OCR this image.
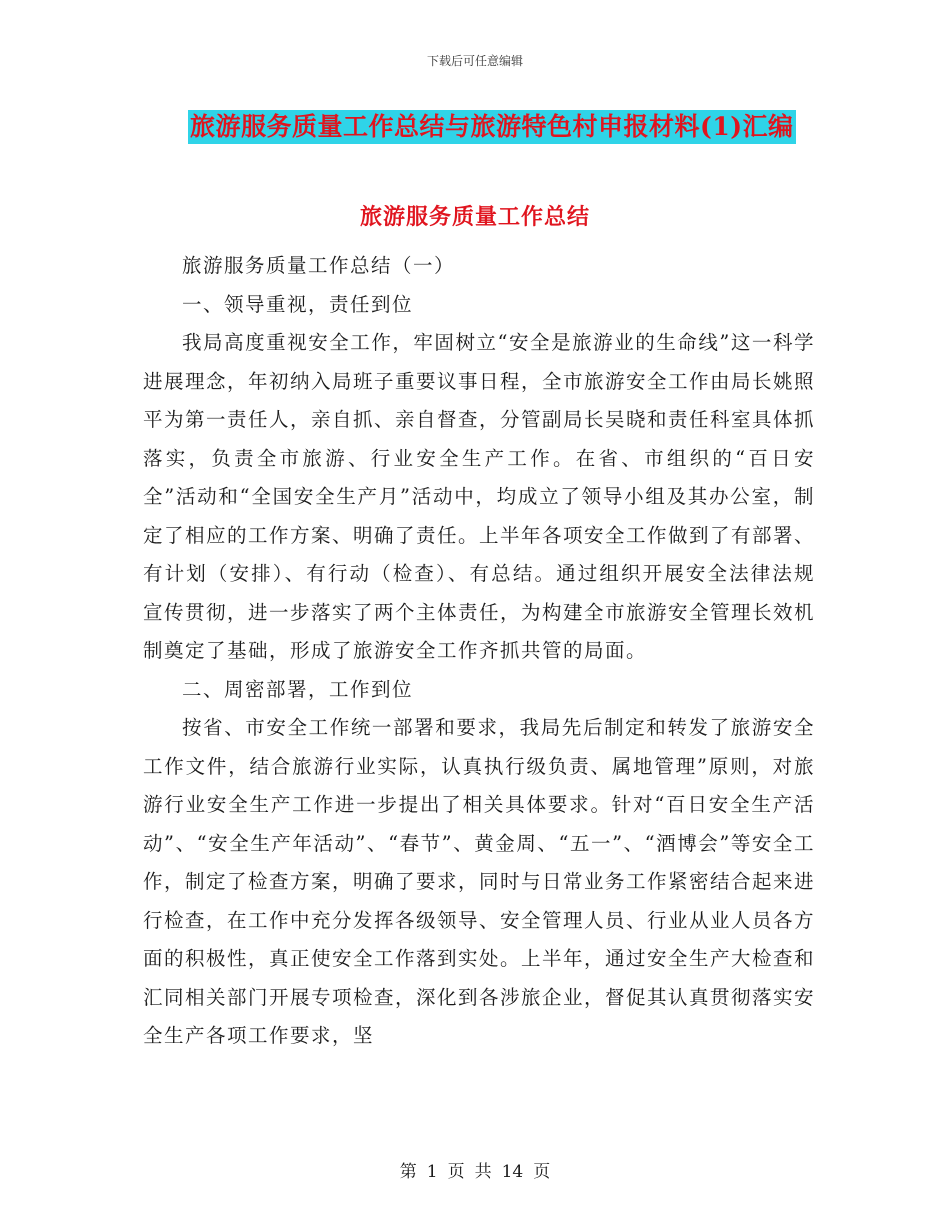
下载后可任意编辑
旅游服务质量工作总结与旅游特色村申报材料(1)汇编
旅游服务质量工作总结

旅游服务质量工作总结（一）

一、领导重视，责任到位

我局高度重视安全工作，牢固树立“安全是旅游业的生命线”这一科学进展理念，年初纳入局班子重要议事日程，全市旅游安全工作由局长姚照平为第一责任人，亲自抓、亲自督查，分管副局长吴晓和责任科室具体抓落实，负责全市旅游、行业安全生产工作。在省、市组织的“百日安全”活动和“全国安全生产月”活动中，均成立了领导小组及其办公室，制定了相应的工作方案、明确了责任。上半年各项安全工作做到了有部署、有计划（安排）、有行动（检查）、有总结。通过组织开展安全法律法规宣传贯彻，进一步落实了两个主体责任，为构建全市旅游安全管理长效机制奠定了基础，形成了旅游安全工作齐抓共管的局面。

二、周密部署，工作到位

按省、市安全工作统一部署和要求，我局先后制定和转发了旅游安全工作文件，结合旅游行业实际，认真执行级负责、属地管理”原则，对旅游行业安全生产工作进一步提出了相关具体要求。针对“百日安全生产活动”、“安全生产年活动”、“春节”、黄金周、“五一”、“酒博会”等安全工作，制定了检查方案，明确了要求，同时与日常业务工作紧密结合起来进行检查，在工作中充分发挥各级领导、安全管理人员、行业从业人员各方面的积极性，真正使安全工作落到实处。上半年，通过安全生产大检查和汇同相关部门开展专项检查，深化到各涉旅企业，督促其认真贯彻落实安全生产各项工作要求，坚

第 1 页 共 14 页
